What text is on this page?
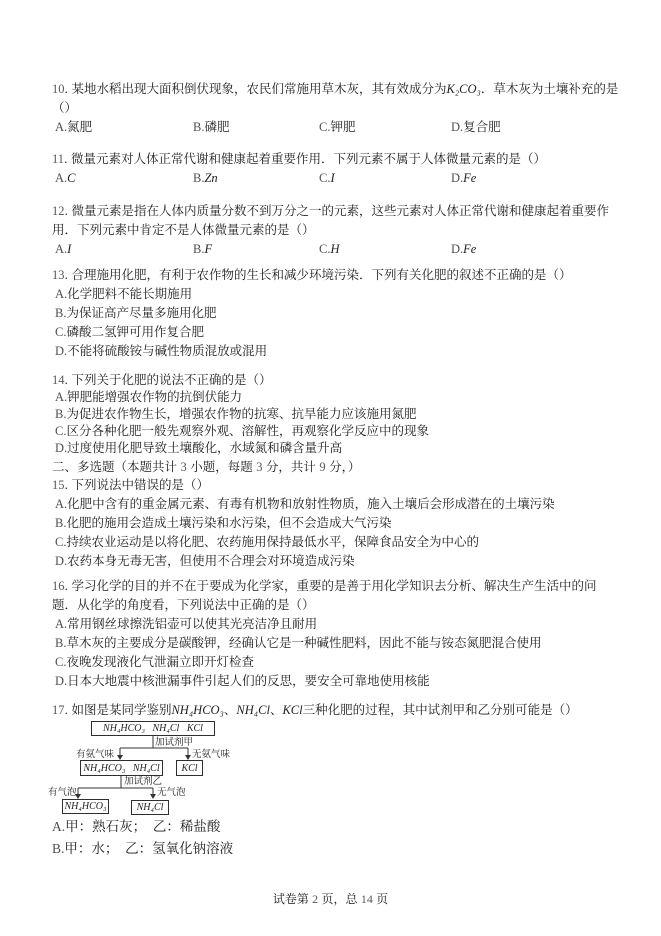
10. 某地水稻出现大面积倒伏现象，农民们常施用草木灰，其有效成分为K₂CO₃．草木灰为土壤补充的是
（）
A.氮肥	B.磷肥	C.钾肥	D.复合肥
11. 微量元素对人体正常代谢和健康起着重要作用．下列元素不属于人体微量元素的是（）
A.C	B.Zn	C.I	D.Fe
12. 微量元素是指在人体内质量分数不到万分之一的元素，这些元素对人体正常代谢和健康起着重要作
用．下列元素中肯定不是人体微量元素的是（）
A.I	B.F	C.H	D.Fe
13. 合理施用化肥，有利于农作物的生长和减少环境污染．下列有关化肥的叙述不正确的是（）
A.化学肥料不能长期施用
B.为保证高产尽量多施用化肥
C.磷酸二氢钾可用作复合肥
D.不能将硫酸铵与碱性物质混放或混用
14. 下列关于化肥的说法不正确的是（）
A.钾肥能增强农作物的抗倒伏能力
B.为促进农作物生长，增强农作物的抗寒、抗旱能力应该施用氮肥
C.区分各种化肥一般先观察外观、溶解性，再观察化学反应中的现象
D.过度使用化肥导致土壤酸化，水域氮和磷含量升高
二、多选题（本题共计 3 小题，每题 3 分，共计 9 分，）
15. 下列说法中错误的是（）
A.化肥中含有的重金属元素、有毒有机物和放射性物质，施入土壤后会形成潜在的土壤污染
B.化肥的施用会造成土壤污染和水污染，但不会造成大气污染
C.持续农业运动是以将化肥、农药施用保持最低水平，保障食品安全为中心的
D.农药本身无毒无害，但使用不合理会对环境造成污染
16. 学习化学的目的并不在于要成为化学家，重要的是善于用化学知识去分析、解决生产生活中的问
题．从化学的角度看，下列说法中正确的是（）
A.常用钢丝球擦洗铝壶可以使其光亮洁净且耐用
B.草木灰的主要成分是碳酸钾，经确认它是一种碱性肥料，因此不能与铵态氮肥混合使用
C.夜晚发现液化气泄漏立即开灯检查
D.日本大地震中核泄漏事件引起人们的反思，要安全可靠地使用核能
17. 如图是某同学鉴别NH₄HCO₃、NH₄Cl、KCl三种化肥的过程，其中试剂甲和乙分别可能是（）
NH₄HCO₃   NH₄Cl   KCl
加试剂甲
有氨气味	无氨气味
NH₄HCO₃   NH₄Cl	KCl
加试剂乙
有气泡	无气泡
NH₄HCO₃	NH₄Cl
A.甲：熟石灰；　乙：稀盐酸
B.甲：水；　乙：氢氧化钠溶液
试卷第 2 页，总 14 页
